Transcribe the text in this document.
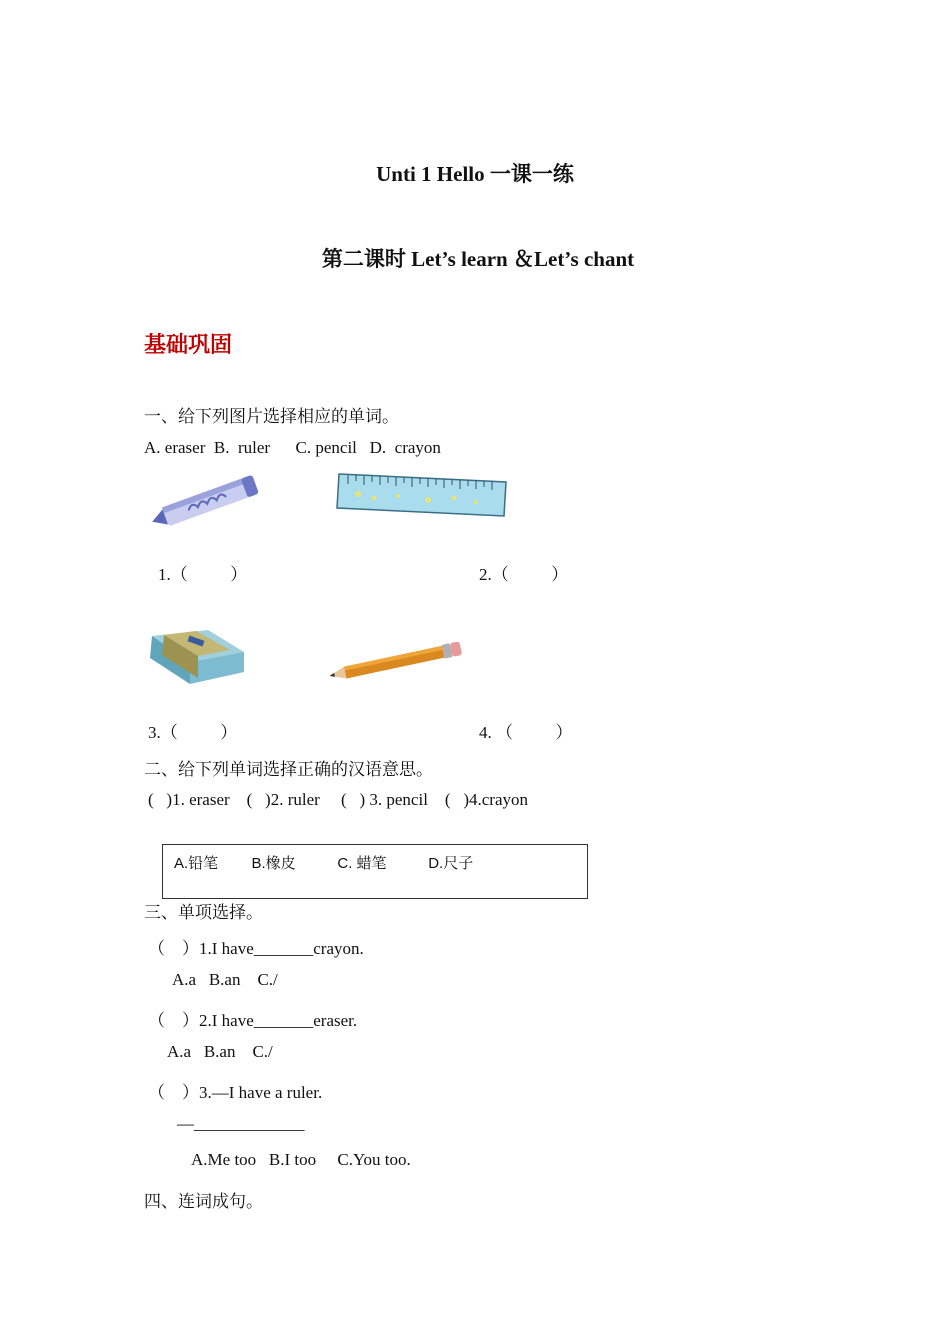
Unti 1 Hello 一课一练
第二课时 Let’s learn ＆Let’s chant
基础巩固
一、给下列图片选择相应的单词。
A. eraser  B.  ruler      C. pencil   D.  crayon
1.（          ）	2.（          ）
3.（          ）	4. （          ）
二、给下列单词选择正确的汉语意思。
(   )1. eraser    (   )2. ruler     (   ) 3. pencil    (   )4.crayon
A.铅笔        B.橡皮          C. 蜡笔          D.尺子
三、单项选择。
（    ）1.I have_______crayon.
A.a   B.an    C./
（    ）2.I have_______eraser.
A.a   B.an    C./
（    ）3.—I have a ruler.
—_____________
A.Me too   B.I too     C.You too.
四、连词成句。
